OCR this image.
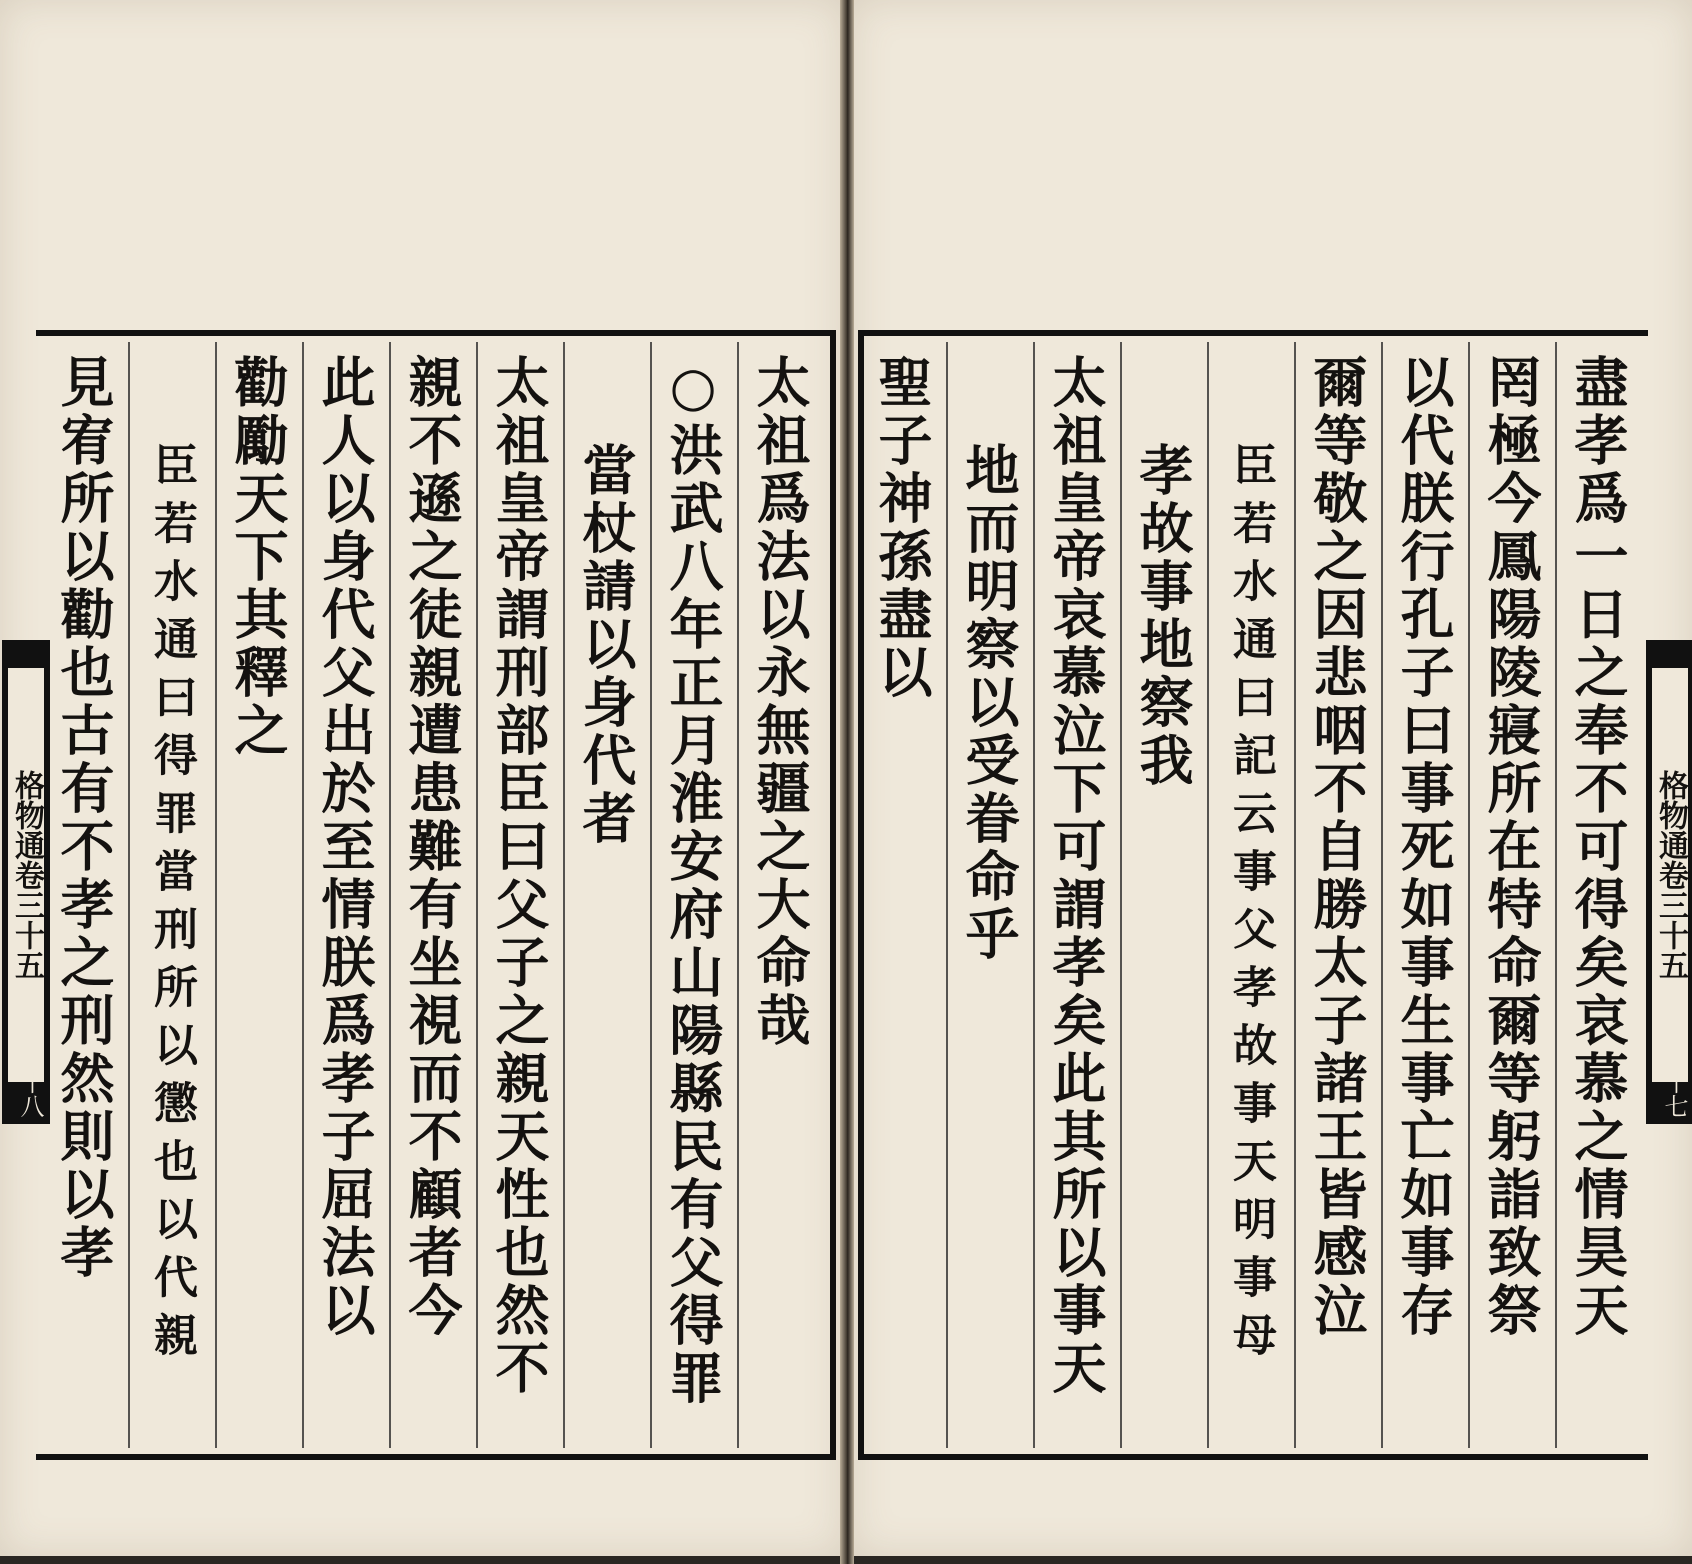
太祖爲法以永無疆之大命哉
○洪武八年正月淮安府山陽縣民有父得罪
當杖請以身代者
太祖皇帝謂刑部臣曰父子之親天性也然不
親不遜之徒親遭患難有坐視而不顧者今
此人以身代父出於至情朕爲孝子屈法以
勸勵天下其釋之
臣若水通曰得罪當刑所以懲也以代親
見宥所以勸也古有不孝之刑然則以孝
格物通卷三十五
十八	盡孝爲一日之奉不可得矣哀慕之情昊天
罔極今鳳陽陵寢所在特命爾等躬詣致祭
以代朕行孔子曰事死如事生事亡如事存
爾等敬之因悲咽不自勝太子諸王皆感泣
臣若水通曰記云事父孝故事天明事母
孝故事地察我
太祖皇帝哀慕泣下可謂孝矣此其所以事天
地而明察以受眷命乎
聖子神孫盡以
格物通卷三十五
十七
